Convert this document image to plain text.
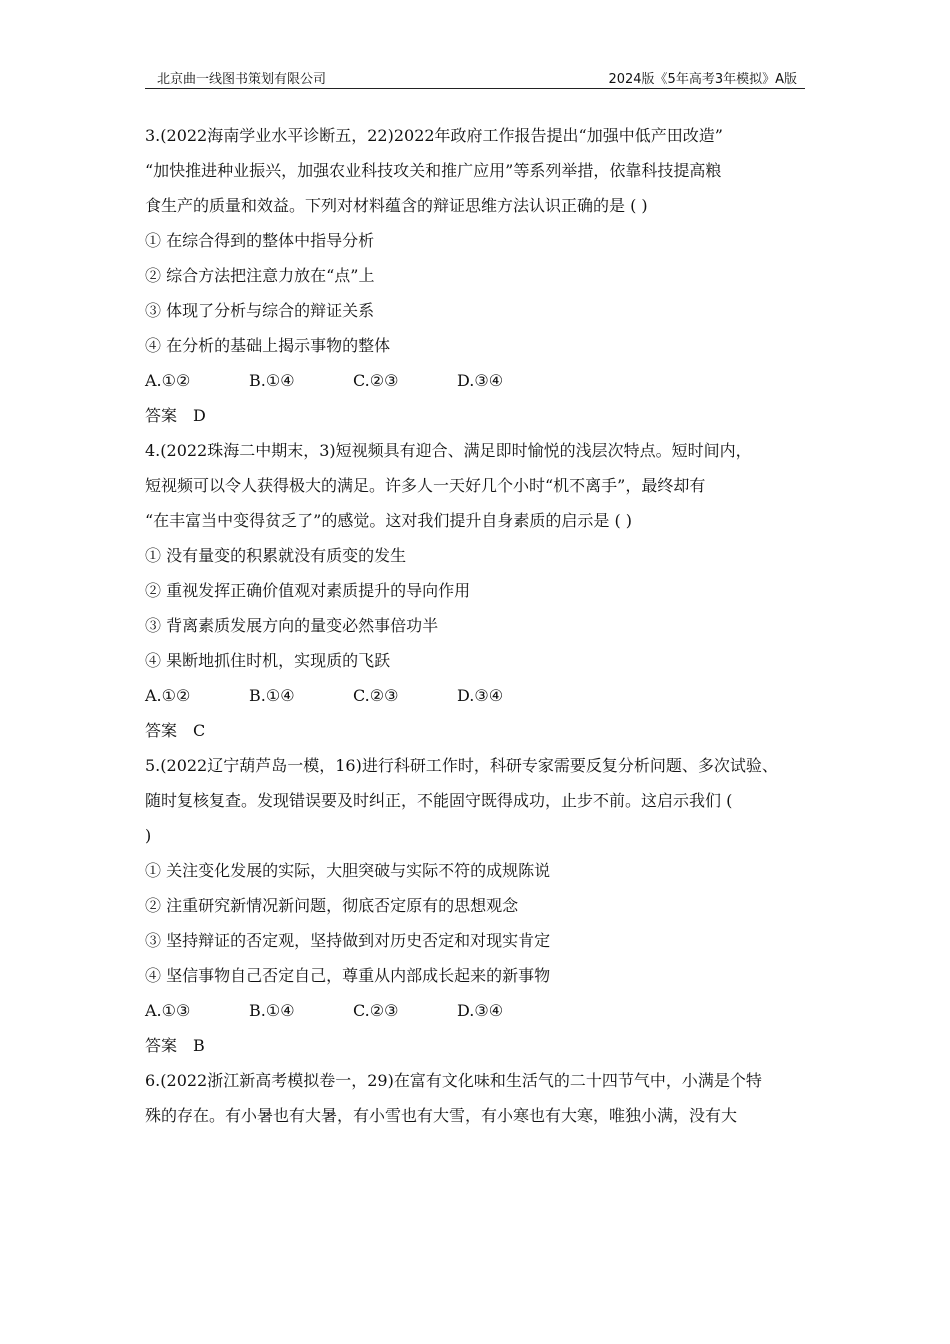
北京曲一线图书策划有限公司	2024版《5年高考3年模拟》A版
3.(2022海南学业水平诊断五，22)2022年政府工作报告提出“加强中低产田改造”
“加快推进种业振兴，加强农业科技攻关和推广应用”等系列举措，依靠科技提高粮
食生产的质量和效益。下列对材料蕴含的辩证思维方法认识正确的是 ( )
① 在综合得到的整体中指导分析
② 综合方法把注意力放在“点”上
③ 体现了分析与综合的辩证关系
④ 在分析的基础上揭示事物的整体
A.①②	B.①④	C.②③	D.③④
答案　D
4.(2022珠海二中期末，3)短视频具有迎合、满足即时愉悦的浅层次特点。短时间内，
短视频可以令人获得极大的满足。许多人一天好几个小时“机不离手”，最终却有
“在丰富当中变得贫乏了”的感觉。这对我们提升自身素质的启示是 ( )
① 没有量变的积累就没有质变的发生
② 重视发挥正确价值观对素质提升的导向作用
③ 背离素质发展方向的量变必然事倍功半
④ 果断地抓住时机，实现质的飞跃
A.①②	B.①④	C.②③	D.③④
答案　C
5.(2022辽宁葫芦岛一模，16)进行科研工作时，科研专家需要反复分析问题、多次试验、
随时复核复查。发现错误要及时纠正，不能固守既得成功，止步不前。这启示我们 (
)
① 关注变化发展的实际，大胆突破与实际不符的成规陈说
② 注重研究新情况新问题，彻底否定原有的思想观念
③ 坚持辩证的否定观，坚持做到对历史否定和对现实肯定
④ 坚信事物自己否定自己，尊重从内部成长起来的新事物
A.①③	B.①④	C.②③	D.③④
答案　B
6.(2022浙江新高考模拟卷一，29)在富有文化味和生活气的二十四节气中，小满是个特
殊的存在。有小暑也有大暑，有小雪也有大雪，有小寒也有大寒，唯独小满，没有大
